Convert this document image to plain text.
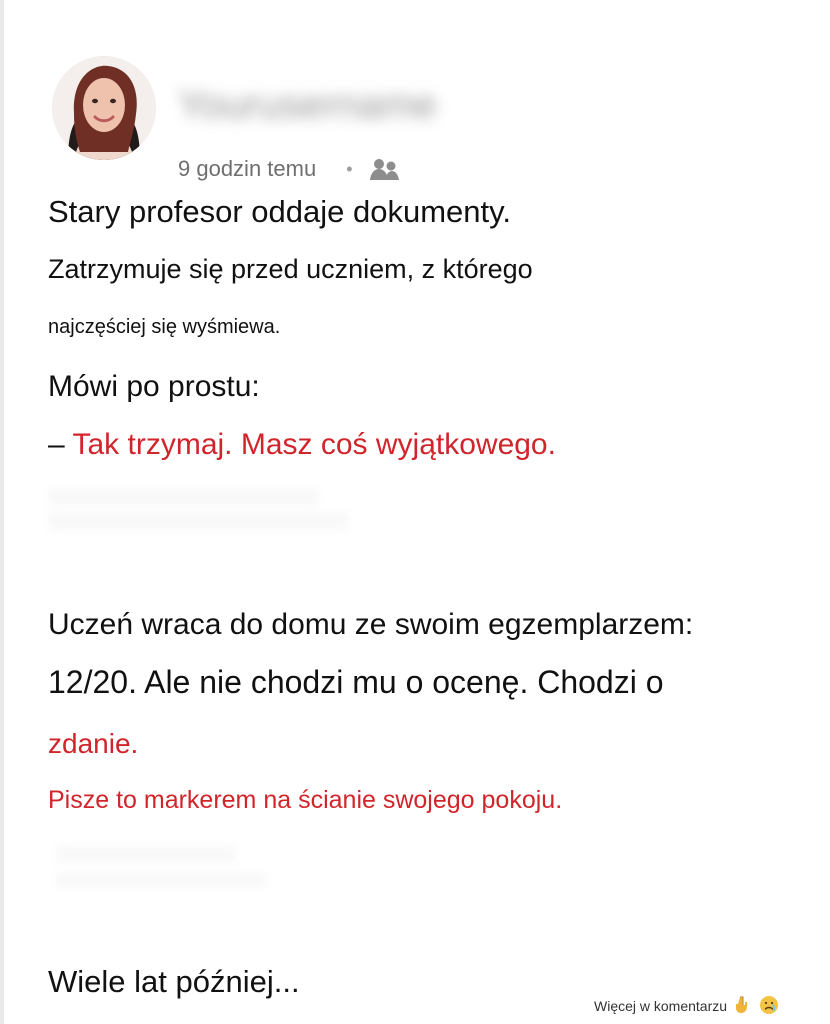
Yourusername
9 godzin temu •
Stary profesor oddaje dokumenty.
Zatrzymuje się przed uczniem, z którego
najczęściej się wyśmiewa.
Mówi po prostu:
– Tak trzymaj. Masz coś wyjątkowego.
Uczeń wraca do domu ze swoim egzemplarzem:
12/20. Ale nie chodzi mu o ocenę. Chodzi o
zdanie.
Pisze to markerem na ścianie swojego pokoju.
Wiele lat później...
Więcej w komentarzu
